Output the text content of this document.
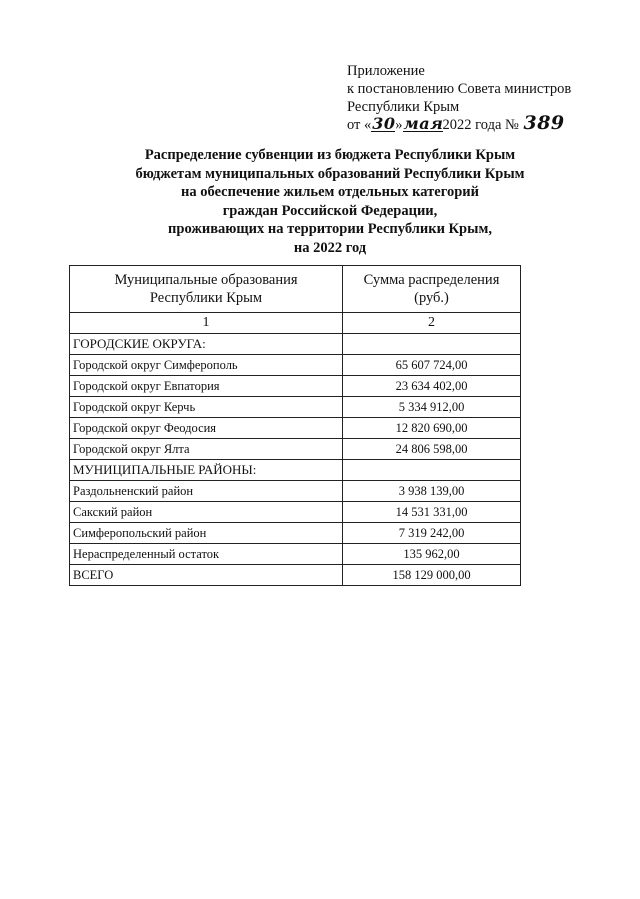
Приложение
к постановлению Совета министров
Республики Крым
от «30»мая2022 года № 389
Распределение субвенции из бюджета Республики Крым
бюджетам муниципальных образований Республики Крым
на обеспечение жильем отдельных категорий
граждан Российской Федерации,
проживающих на территории Республики Крым,
на 2022 год
Муниципальные образования
Республики Крым	Сумма распределения (руб.)
1	2
ГОРОДСКИЕ ОКРУГА:	
Городской округ Симферополь	65 607 724,00
Городской округ Евпатория	23 634 402,00
Городской округ Керчь	5 334 912,00
Городской округ Феодосия	12 820 690,00
Городской округ Ялта	24 806 598,00
МУНИЦИПАЛЬНЫЕ РАЙОНЫ:	
Раздольненский район	3 938 139,00
Сакский район	14 531 331,00
Симферопольский район	7 319 242,00
Нераспределенный остаток	135 962,00
ВСЕГО	158 129 000,00
